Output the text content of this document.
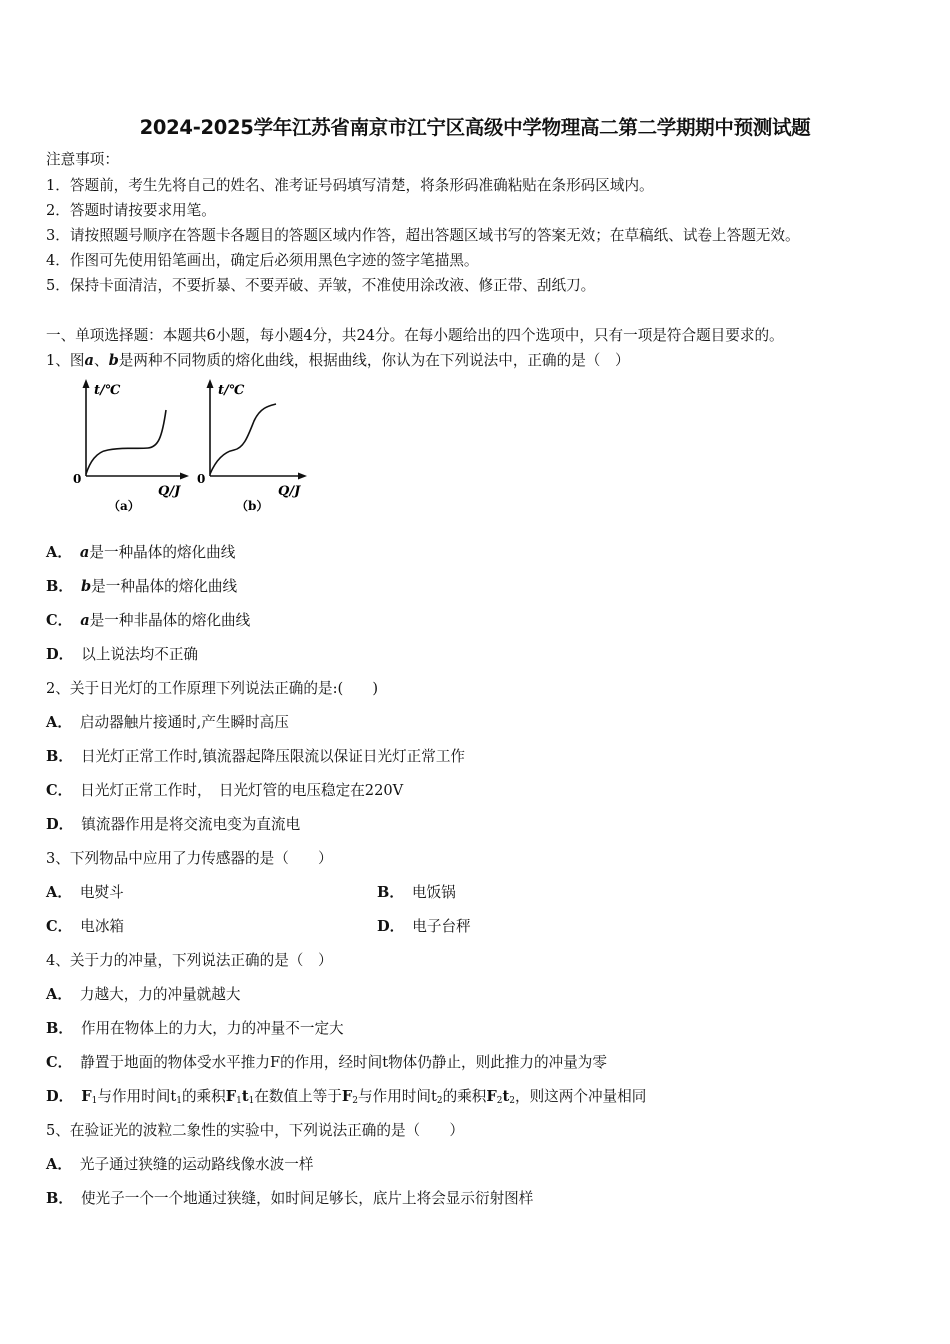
2024-2025学年江苏省南京市江宁区高级中学物理高二第二学期期中预测试题
注意事项：
1．答题前，考生先将自己的姓名、准考证号码填写清楚，将条形码准确粘贴在条形码区域内。
2．答题时请按要求用笔。
3．请按照题号顺序在答题卡各题目的答题区域内作答，超出答题区域书写的答案无效；在草稿纸、试卷上答题无效。
4．作图可先使用铅笔画出，确定后必须用黑色字迹的签字笔描黑。
5．保持卡面清洁，不要折暴、不要弄破、弄皱，不准使用涂改液、修正带、刮纸刀。
一、单项选择题：本题共6小题，每小题4分，共24分。在每小题给出的四个选项中，只有一项是符合题目要求的。
1、图a、b是两种不同物质的熔化曲线，根据曲线，你认为在下列说法中，正确的是（　）
t/℃
0
Q/J
（a）
t/℃
0
Q/J
（b）
A． a是一种晶体的熔化曲线
B． b是一种晶体的熔化曲线
C． a是一种非晶体的熔化曲线
D． 以上说法均不正确
2、关于日光灯的工作原理下列说法正确的是:(　　)
A． 启动器触片接通时,产生瞬时高压
B． 日光灯正常工作时,镇流器起降压限流以保证日光灯正常工作
C． 日光灯正常工作时，　日光灯管的电压稳定在220V
D． 镇流器作用是将交流电变为直流电
3、下列物品中应用了力传感器的是（　　）
A． 电熨斗	B． 电饭锅
C． 电冰箱	D． 电子台秤
4、关于力的冲量，下列说法正确的是（　）
A． 力越大，力的冲量就越大
B． 作用在物体上的力大，力的冲量不一定大
C． 静置于地面的物体受水平推力F的作用，经时间t物体仍静止，则此推力的冲量为零
D． $F_1$与作用时间$t_1$的乘积$F_1t_1$在数值上等于$F_2$与作用时间$t_2$的乘积$F_2t_2$，则这两个冲量相同
5、在验证光的波粒二象性的实验中，下列说法正确的是（　　）
A． 光子通过狭缝的运动路线像水波一样
B． 使光子一个一个地通过狭缝，如时间足够长，底片上将会显示衍射图样
